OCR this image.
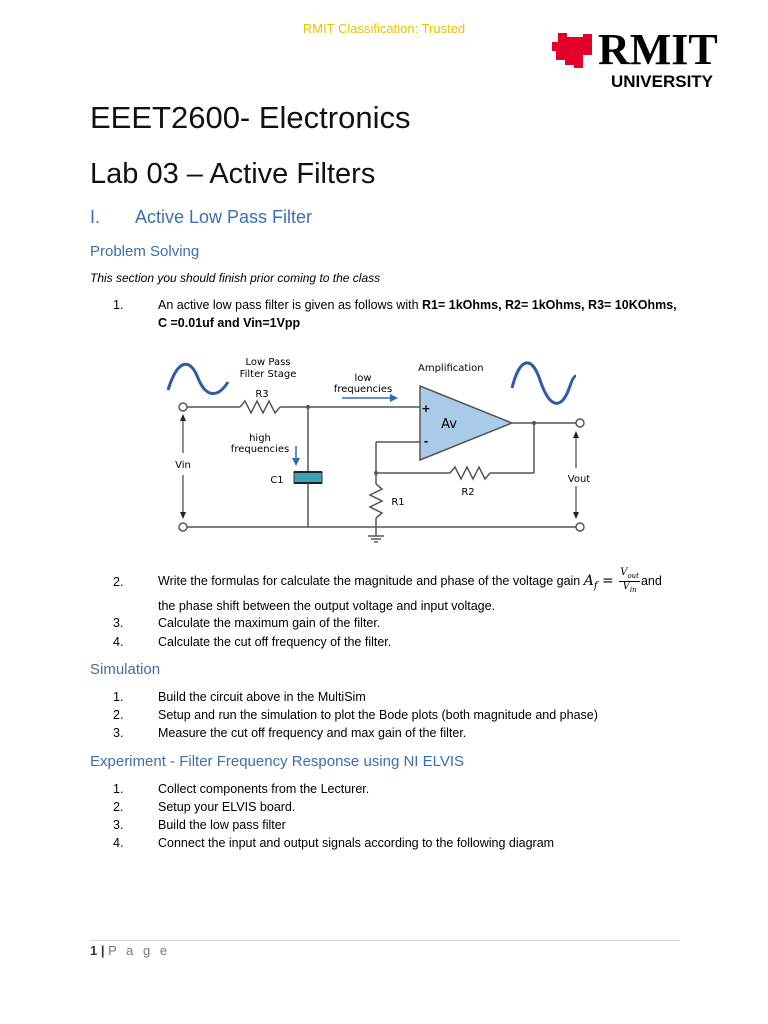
RMIT Classification: Trusted	RMIT
UNIVERSITY
EEET2600- Electronics
Lab 03 – Active Filters
I. Active Low Pass Filter
Problem Solving
This section you should finish prior coming to the class
1.	An active low pass filter is given as follows with R1= 1kOhms, R2= 1kOhms, R3= 10KOhms, C =0.01uf and Vin=1Vpp
Low Pass
Filter Stage
Amplification
low
frequencies
high
frequencies
R3
C1
R1
R2
Vin
Vout
Av
+
-
2.	Write the formulas for calculate the magnitude and phase of the voltage gain $A_f = \frac{V_{out}}{V_{in}}$ and
the phase shift between the output voltage and input voltage.
3.	Calculate the maximum gain of the filter.
4.	Calculate the cut off frequency of the filter.
Simulation
1.	Build the circuit above in the MultiSim
2.	Setup and run the simulation to plot the Bode plots (both magnitude and phase)
3.	Measure the cut off frequency and max gain of the filter.
Experiment - Filter Frequency Response using NI ELVIS
1.	Collect components from the Lecturer.
2.	Setup your ELVIS board.
3.	Build the low pass filter
4.	Connect the input and output signals according to the following diagram
1 | P a g e
